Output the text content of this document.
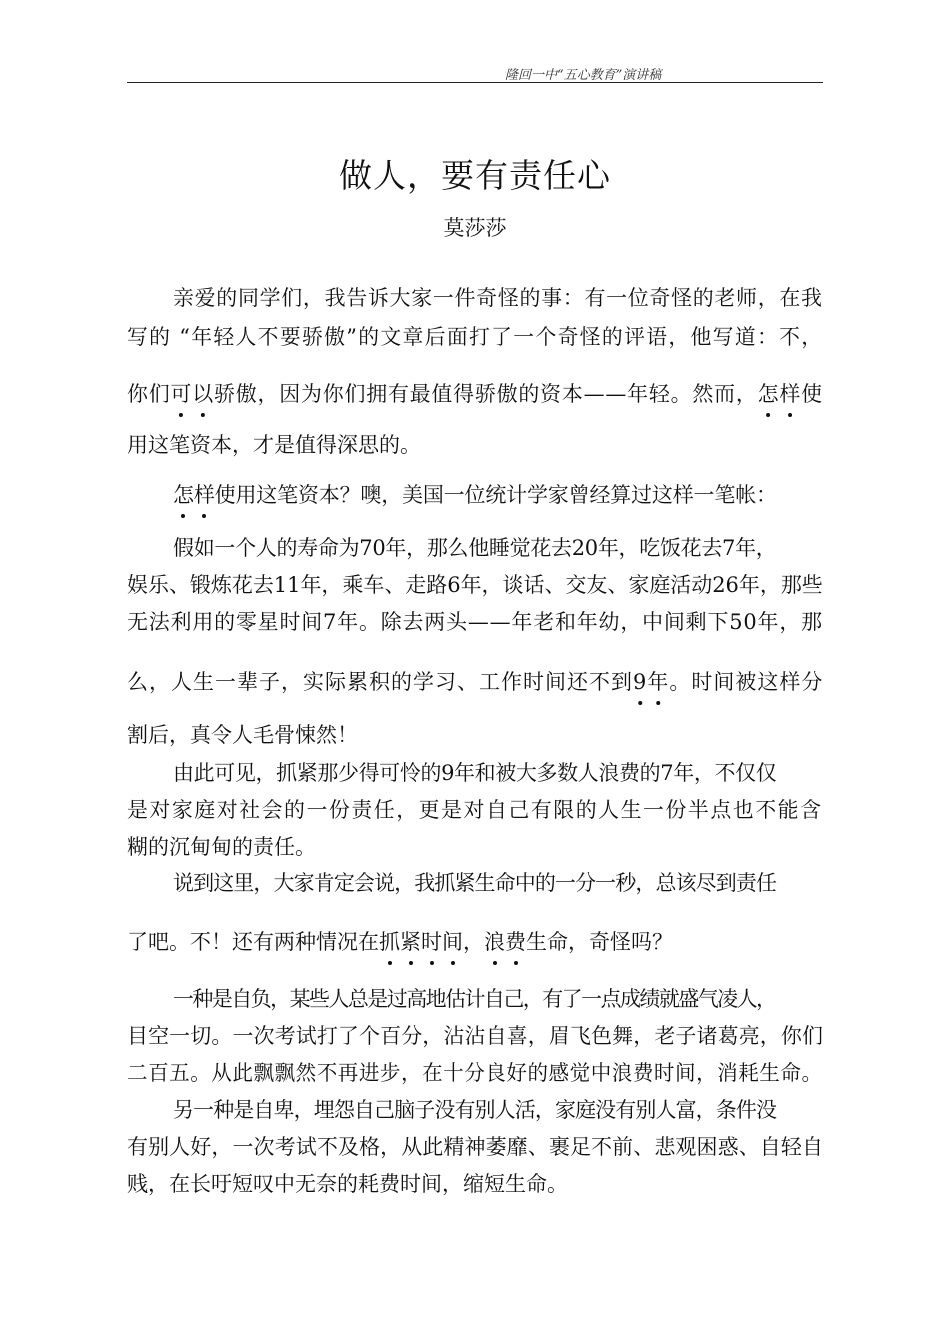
隆回一中“五心教育”演讲稿
做人，要有责任心
莫莎莎
亲爱的同学们，我告诉大家一件奇怪的事：有一位奇怪的老师，在我
写的 “年轻人不要骄傲”的文章后面打了一个奇怪的评语，他写道：不，
你们可以骄傲，因为你们拥有最值得骄傲的资本——年轻。然而，怎样使
用这笔资本，才是值得深思的。
怎样使用这笔资本？噢，美国一位统计学家曾经算过这样一笔帐：
假如一个人的寿命为70年，那么他睡觉花去20年，吃饭花去7年，
娱乐、锻炼花去11年，乘车、走路6年，谈话、交友、家庭活动26年，那些
无法利用的零星时间7年。除去两头——年老和年幼，中间剩下50年，那
么，人生一辈子，实际累积的学习、工作时间还不到9年。时间被这样分
割后，真令人毛骨悚然！
由此可见，抓紧那少得可怜的9年和被大多数人浪费的7年，不仅仅
是对家庭对社会的一份责任，更是对自己有限的人生一份半点也不能含
糊的沉甸甸的责任。
说到这里，大家肯定会说，我抓紧生命中的一分一秒，总该尽到责任
了吧。不！还有两种情况在抓紧时间，浪费生命，奇怪吗？
一种是自负，某些人总是过高地估计自己，有了一点成绩就盛气凌人，
目空一切。一次考试打了个百分，沾沾自喜，眉飞色舞，老子诸葛亮，你们
二百五。从此飘飘然不再进步，在十分良好的感觉中浪费时间，消耗生命。
另一种是自卑，埋怨自己脑子没有别人活，家庭没有别人富，条件没
有别人好，一次考试不及格，从此精神萎靡、裹足不前、悲观困惑、自轻自
贱，在长吁短叹中无奈的耗费时间，缩短生命。
